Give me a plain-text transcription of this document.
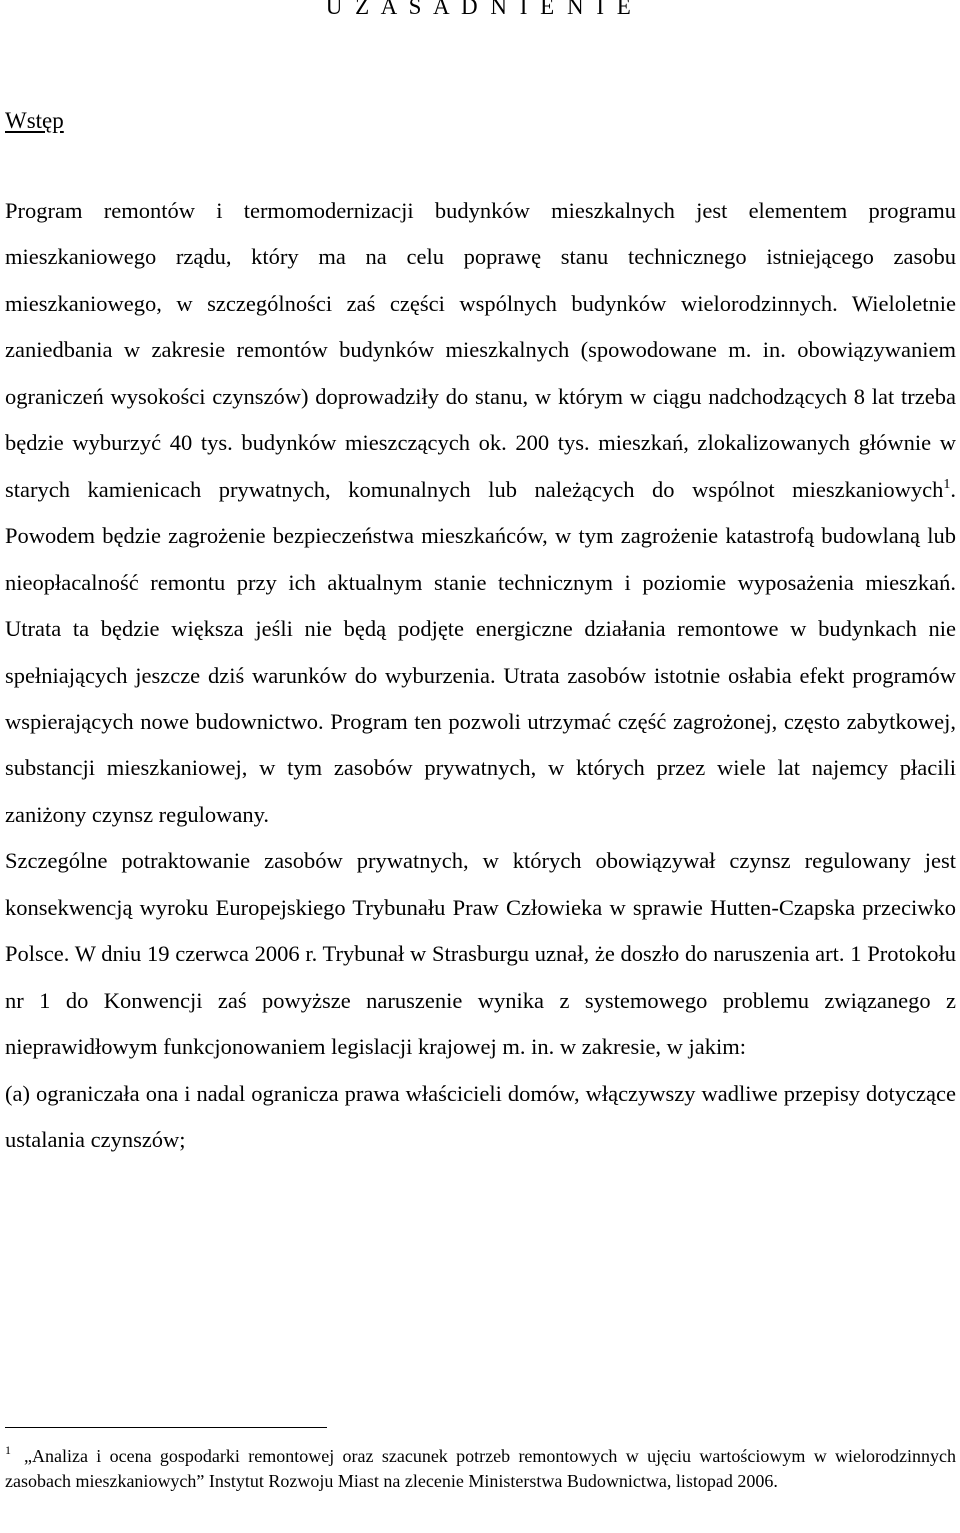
U Z A S A D N I E N I E
Wstęp

Program remontów i termomodernizacji budynków mieszkalnych jest elementem programu mieszkaniowego rządu, który ma na celu poprawę stanu technicznego istniejącego zasobu mieszkaniowego, w szczególności zaś części wspólnych budynków wielorodzinnych. Wieloletnie zaniedbania w zakresie remontów budynków mieszkalnych (spowodowane m. in. obowiązywaniem ograniczeń wysokości czynszów) doprowadziły do stanu, w którym w ciągu nadchodzących 8 lat trzeba będzie wyburzyć 40 tys. budynków mieszczących ok. 200 tys. mieszkań, zlokalizowanych głównie w starych kamienicach prywatnych, komunalnych lub należących do wspólnot mieszkaniowych$^1$. Powodem będzie zagrożenie bezpieczeństwa mieszkańców, w tym zagrożenie katastrofą budowlaną lub nieopłacalność remontu przy ich aktualnym stanie technicznym i poziomie wyposażenia mieszkań. Utrata ta będzie większa jeśli nie będą podjęte energiczne działania remontowe w budynkach nie spełniających jeszcze dziś warunków do wyburzenia. Utrata zasobów istotnie osłabia efekt programów wspierających nowe budownictwo. Program ten pozwoli utrzymać część zagrożonej, często zabytkowej, substancji mieszkaniowej, w tym zasobów prywatnych, w których przez wiele lat najemcy płacili zaniżony czynsz regulowany.

Szczególne potraktowanie zasobów prywatnych, w których obowiązywał czynsz regulowany jest konsekwencją wyroku Europejskiego Trybunału Praw Człowieka w sprawie Hutten-Czapska przeciwko Polsce. W dniu 19 czerwca 2006 r. Trybunał w Strasburgu uznał, że doszło do naruszenia art. 1 Protokołu nr 1 do Konwencji zaś powyższe naruszenie wynika z systemowego problemu związanego z nieprawidłowym funkcjonowaniem legislacji krajowej m. in. w zakresie, w jakim:

(a) ograniczała ona i nadal ogranicza prawa właścicieli domów, włączywszy wadliwe przepisy dotyczące ustalania czynszów;

$^1$ „Analiza i ocena gospodarki remontowej oraz szacunek potrzeb remontowych w ujęciu wartościowym w wielorodzinnych zasobach mieszkaniowych” Instytut Rozwoju Miast na zlecenie Ministerstwa Budownictwa, listopad 2006.
